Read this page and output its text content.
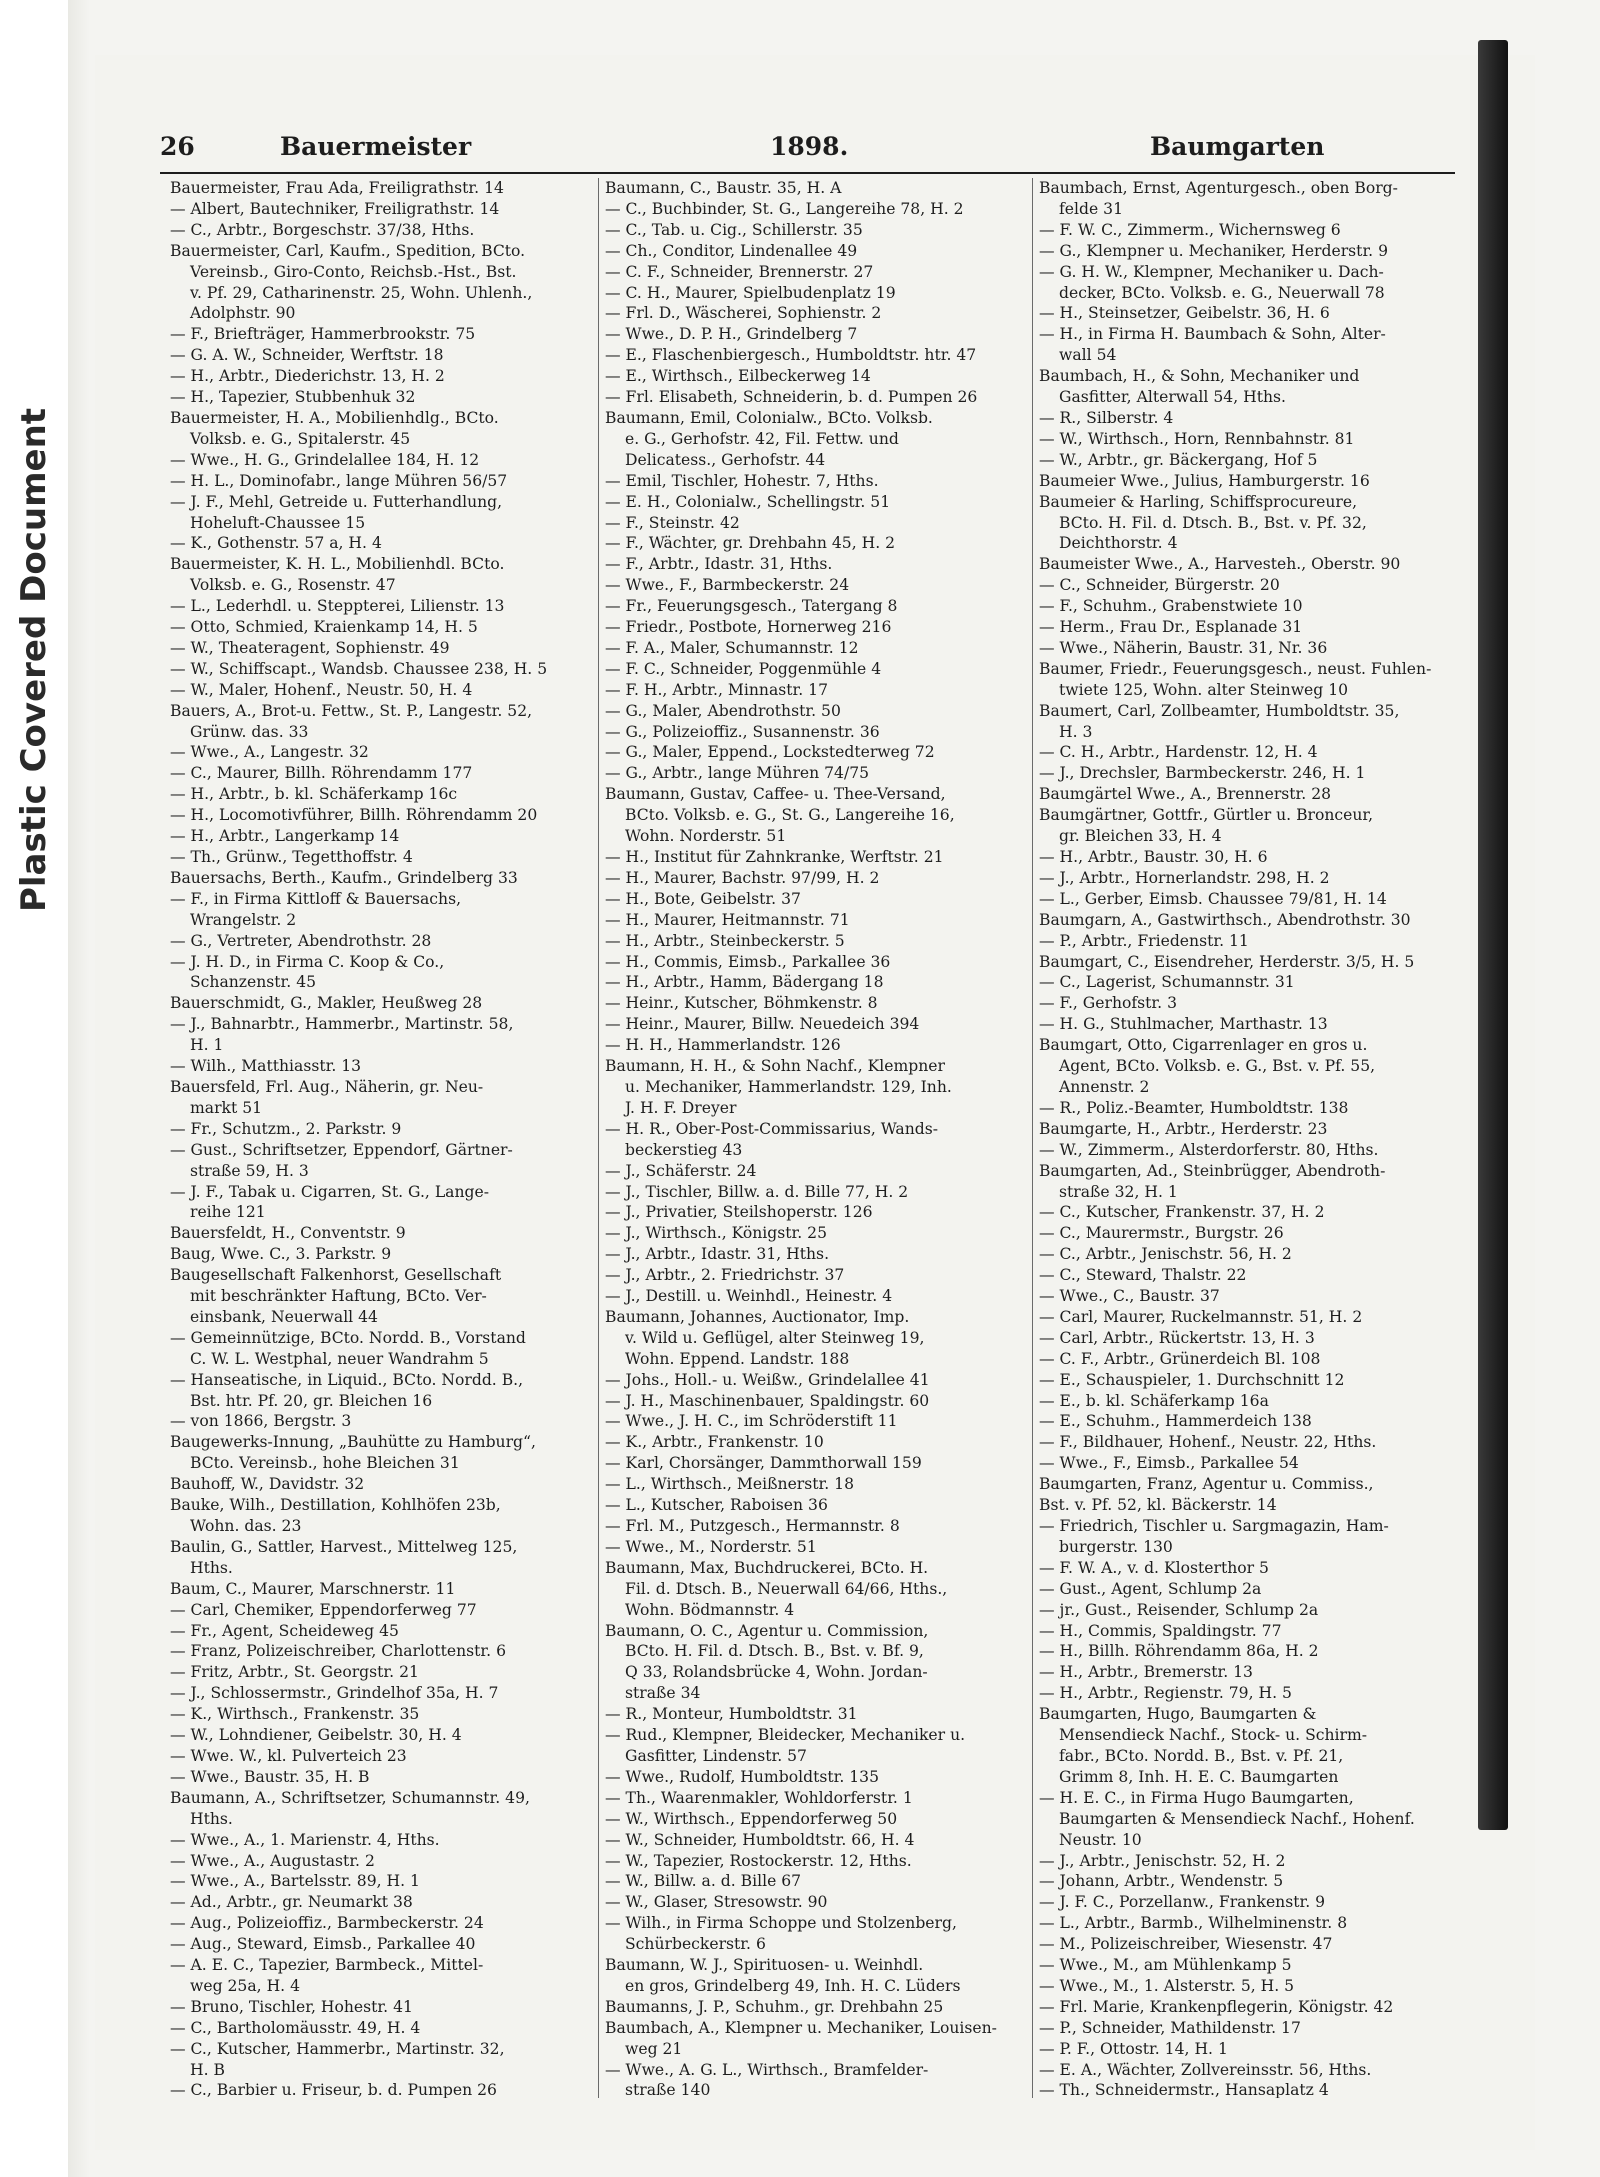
Plastic Covered Document
26	Bauermeister	1898.	Baumgarten
Bauermeister, Frau Ada, Freiligrathstr. 14
— Albert, Bautechniker, Freiligrathstr. 14
— C., Arbtr., Borgeschstr. 37/38, Hths.
Bauermeister, Carl, Kaufm., Spedition, BCto.
Vereinsb., Giro-Conto, Reichsb.-Hst., Bst.
v. Pf. 29, Catharinenstr. 25, Wohn. Uhlenh.,
Adolphstr. 90
— F., Briefträger, Hammerbrookstr. 75
— G. A. W., Schneider, Werftstr. 18
— H., Arbtr., Diederichstr. 13, H. 2
— H., Tapezier, Stubbenhuk 32
Bauermeister, H. A., Mobilienhdlg., BCto.
Volksb. e. G., Spitalerstr. 45
— Wwe., H. G., Grindelallee 184, H. 12
— H. L., Dominofabr., lange Mühren 56/57
— J. F., Mehl, Getreide u. Futterhandlung,
Hoheluft-Chaussee 15
— K., Gothenstr. 57 a, H. 4
Bauermeister, K. H. L., Mobilienhdl. BCto.
Volksb. e. G., Rosenstr. 47
— L., Lederhdl. u. Steppterei, Lilienstr. 13
— Otto, Schmied, Kraienkamp 14, H. 5
— W., Theateragent, Sophienstr. 49
— W., Schiffscapt., Wandsb. Chaussee 238, H. 5
— W., Maler, Hohenf., Neustr. 50, H. 4
Bauers, A., Brot-u. Fettw., St. P., Langestr. 52,
Grünw. das. 33
— Wwe., A., Langestr. 32
— C., Maurer, Billh. Röhrendamm 177
— H., Arbtr., b. kl. Schäferkamp 16c
— H., Locomotivführer, Billh. Röhrendamm 20
— H., Arbtr., Langerkamp 14
— Th., Grünw., Tegetthoffstr. 4
Bauersachs, Berth., Kaufm., Grindelberg 33
— F., in Firma Kittloff & Bauersachs,
Wrangelstr. 2
— G., Vertreter, Abendrothstr. 28
— J. H. D., in Firma C. Koop & Co.,
Schanzenstr. 45
Bauerschmidt, G., Makler, Heußweg 28
— J., Bahnarbtr., Hammerbr., Martinstr. 58,
H. 1
— Wilh., Matthiasstr. 13
Bauersfeld, Frl. Aug., Näherin, gr. Neu-
markt 51
— Fr., Schutzm., 2. Parkstr. 9
— Gust., Schriftsetzer, Eppendorf, Gärtner-
straße 59, H. 3
— J. F., Tabak u. Cigarren, St. G., Lange-
reihe 121
Bauersfeldt, H., Conventstr. 9
Baug, Wwe. C., 3. Parkstr. 9
Baugesellschaft Falkenhorst, Gesellschaft
mit beschränkter Haftung, BCto. Ver-
einsbank, Neuerwall 44
— Gemeinnützige, BCto. Nordd. B., Vorstand
C. W. L. Westphal, neuer Wandrahm 5
— Hanseatische, in Liquid., BCto. Nordd. B.,
Bst. htr. Pf. 20, gr. Bleichen 16
— von 1866, Bergstr. 3
Baugewerks-Innung, „Bauhütte zu Hamburg“,
BCto. Vereinsb., hohe Bleichen 31
Bauhoff, W., Davidstr. 32
Bauke, Wilh., Destillation, Kohlhöfen 23b,
Wohn. das. 23
Baulin, G., Sattler, Harvest., Mittelweg 125,
Hths.
Baum, C., Maurer, Marschnerstr. 11
— Carl, Chemiker, Eppendorferweg 77
— Fr., Agent, Scheideweg 45
— Franz, Polizeischreiber, Charlottenstr. 6
— Fritz, Arbtr., St. Georgstr. 21
— J., Schlossermstr., Grindelhof 35a, H. 7
— K., Wirthsch., Frankenstr. 35
— W., Lohndiener, Geibelstr. 30, H. 4
— Wwe. W., kl. Pulverteich 23
— Wwe., Baustr. 35, H. B
Baumann, A., Schriftsetzer, Schumannstr. 49,
Hths.
— Wwe., A., 1. Marienstr. 4, Hths.
— Wwe., A., Augustastr. 2
— Wwe., A., Bartelsstr. 89, H. 1
— Ad., Arbtr., gr. Neumarkt 38
— Aug., Polizeioffiz., Barmbeckerstr. 24
— Aug., Steward, Eimsb., Parkallee 40
— A. E. C., Tapezier, Barmbeck., Mittel-
weg 25a, H. 4
— Bruno, Tischler, Hohestr. 41
— C., Bartholomäusstr. 49, H. 4
— C., Kutscher, Hammerbr., Martinstr. 32,
H. B
— C., Barbier u. Friseur, b. d. Pumpen 26
Baumann, C., Baustr. 35, H. A
— C., Buchbinder, St. G., Langereihe 78, H. 2
— C., Tab. u. Cig., Schillerstr. 35
— Ch., Conditor, Lindenallee 49
— C. F., Schneider, Brennerstr. 27
— C. H., Maurer, Spielbudenplatz 19
— Frl. D., Wäscherei, Sophienstr. 2
— Wwe., D. P. H., Grindelberg 7
— E., Flaschenbiergesch., Humboldtstr. htr. 47
— E., Wirthsch., Eilbeckerweg 14
— Frl. Elisabeth, Schneiderin, b. d. Pumpen 26
Baumann, Emil, Colonialw., BCto. Volksb.
e. G., Gerhofstr. 42, Fil. Fettw. und
Delicatess., Gerhofstr. 44
— Emil, Tischler, Hohestr. 7, Hths.
— E. H., Colonialw., Schellingstr. 51
— F., Steinstr. 42
— F., Wächter, gr. Drehbahn 45, H. 2
— F., Arbtr., Idastr. 31, Hths.
— Wwe., F., Barmbeckerstr. 24
— Fr., Feuerungsgesch., Tatergang 8
— Friedr., Postbote, Hornerweg 216
— F. A., Maler, Schumannstr. 12
— F. C., Schneider, Poggenmühle 4
— F. H., Arbtr., Minnastr. 17
— G., Maler, Abendrothstr. 50
— G., Polizeioffiz., Susannenstr. 36
— G., Maler, Eppend., Lockstedterweg 72
— G., Arbtr., lange Mühren 74/75
Baumann, Gustav, Caffee- u. Thee-Versand,
BCto. Volksb. e. G., St. G., Langereihe 16,
Wohn. Norderstr. 51
— H., Institut für Zahnkranke, Werftstr. 21
— H., Maurer, Bachstr. 97/99, H. 2
— H., Bote, Geibelstr. 37
— H., Maurer, Heitmannstr. 71
— H., Arbtr., Steinbeckerstr. 5
— H., Commis, Eimsb., Parkallee 36
— H., Arbtr., Hamm, Bädergang 18
— Heinr., Kutscher, Böhmkenstr. 8
— Heinr., Maurer, Billw. Neuedeich 394
— H. H., Hammerlandstr. 126
Baumann, H. H., & Sohn Nachf., Klempner
u. Mechaniker, Hammerlandstr. 129, Inh.
J. H. F. Dreyer
— H. R., Ober-Post-Commissarius, Wands-
beckerstieg 43
— J., Schäferstr. 24
— J., Tischler, Billw. a. d. Bille 77, H. 2
— J., Privatier, Steilshoperstr. 126
— J., Wirthsch., Königstr. 25
— J., Arbtr., Idastr. 31, Hths.
— J., Arbtr., 2. Friedrichstr. 37
— J., Destill. u. Weinhdl., Heinestr. 4
Baumann, Johannes, Auctionator, Imp.
v. Wild u. Geflügel, alter Steinweg 19,
Wohn. Eppend. Landstr. 188
— Johs., Holl.- u. Weißw., Grindelallee 41
— J. H., Maschinenbauer, Spaldingstr. 60
— Wwe., J. H. C., im Schröderstift 11
— K., Arbtr., Frankenstr. 10
— Karl, Chorsänger, Dammthorwall 159
— L., Wirthsch., Meißnerstr. 18
— L., Kutscher, Raboisen 36
— Frl. M., Putzgesch., Hermannstr. 8
— Wwe., M., Norderstr. 51
Baumann, Max, Buchdruckerei, BCto. H.
Fil. d. Dtsch. B., Neuerwall 64/66, Hths.,
Wohn. Bödmannstr. 4
Baumann, O. C., Agentur u. Commission,
BCto. H. Fil. d. Dtsch. B., Bst. v. Bf. 9,
Q 33, Rolandsbrücke 4, Wohn. Jordan-
straße 34
— R., Monteur, Humboldtstr. 31
— Rud., Klempner, Bleidecker, Mechaniker u.
Gasfitter, Lindenstr. 57
— Wwe., Rudolf, Humboldtstr. 135
— Th., Waarenmakler, Wohldorferstr. 1
— W., Wirthsch., Eppendorferweg 50
— W., Schneider, Humboldtstr. 66, H. 4
— W., Tapezier, Rostockerstr. 12, Hths.
— W., Billw. a. d. Bille 67
— W., Glaser, Stresowstr. 90
— Wilh., in Firma Schoppe und Stolzenberg,
Schürbeckerstr. 6
Baumann, W. J., Spirituosen- u. Weinhdl.
en gros, Grindelberg 49, Inh. H. C. Lüders
Baumanns, J. P., Schuhm., gr. Drehbahn 25
Baumbach, A., Klempner u. Mechaniker, Louisen-
weg 21
— Wwe., A. G. L., Wirthsch., Bramfelder-
straße 140
Baumbach, Ernst, Agenturgesch., oben Borg-
felde 31
— F. W. C., Zimmerm., Wichernsweg 6
— G., Klempner u. Mechaniker, Herderstr. 9
— G. H. W., Klempner, Mechaniker u. Dach-
decker, BCto. Volksb. e. G., Neuerwall 78
— H., Steinsetzer, Geibelstr. 36, H. 6
— H., in Firma H. Baumbach & Sohn, Alter-
wall 54
Baumbach, H., & Sohn, Mechaniker und
Gasfitter, Alterwall 54, Hths.
— R., Silberstr. 4
— W., Wirthsch., Horn, Rennbahnstr. 81
— W., Arbtr., gr. Bäckergang, Hof 5
Baumeier Wwe., Julius, Hamburgerstr. 16
Baumeier & Harling, Schiffsprocureure,
BCto. H. Fil. d. Dtsch. B., Bst. v. Pf. 32,
Deichthorstr. 4
Baumeister Wwe., A., Harvesteh., Oberstr. 90
— C., Schneider, Bürgerstr. 20
— F., Schuhm., Grabenstwiete 10
— Herm., Frau Dr., Esplanade 31
— Wwe., Näherin, Baustr. 31, Nr. 36
Baumer, Friedr., Feuerungsgesch., neust. Fuhlen-
twiete 125, Wohn. alter Steinweg 10
Baumert, Carl, Zollbeamter, Humboldtstr. 35,
H. 3
— C. H., Arbtr., Hardenstr. 12, H. 4
— J., Drechsler, Barmbeckerstr. 246, H. 1
Baumgärtel Wwe., A., Brennerstr. 28
Baumgärtner, Gottfr., Gürtler u. Bronceur,
gr. Bleichen 33, H. 4
— H., Arbtr., Baustr. 30, H. 6
— J., Arbtr., Hornerlandstr. 298, H. 2
— L., Gerber, Eimsb. Chaussee 79/81, H. 14
Baumgarn, A., Gastwirthsch., Abendrothstr. 30
— P., Arbtr., Friedenstr. 11
Baumgart, C., Eisendreher, Herderstr. 3/5, H. 5
— C., Lagerist, Schumannstr. 31
— F., Gerhofstr. 3
— H. G., Stuhlmacher, Marthastr. 13
Baumgart, Otto, Cigarrenlager en gros u.
Agent, BCto. Volksb. e. G., Bst. v. Pf. 55,
Annenstr. 2
— R., Poliz.-Beamter, Humboldtstr. 138
Baumgarte, H., Arbtr., Herderstr. 23
— W., Zimmerm., Alsterdorferstr. 80, Hths.
Baumgarten, Ad., Steinbrügger, Abendroth-
straße 32, H. 1
— C., Kutscher, Frankenstr. 37, H. 2
— C., Maurermstr., Burgstr. 26
— C., Arbtr., Jenischstr. 56, H. 2
— C., Steward, Thalstr. 22
— Wwe., C., Baustr. 37
— Carl, Maurer, Ruckelmannstr. 51, H. 2
— Carl, Arbtr., Rückertstr. 13, H. 3
— C. F., Arbtr., Grünerdeich Bl. 108
— E., Schauspieler, 1. Durchschnitt 12
— E., b. kl. Schäferkamp 16a
— E., Schuhm., Hammerdeich 138
— F., Bildhauer, Hohenf., Neustr. 22, Hths.
— Wwe., F., Eimsb., Parkallee 54
Baumgarten, Franz, Agentur u. Commiss.,
Bst. v. Pf. 52, kl. Bäckerstr. 14
— Friedrich, Tischler u. Sargmagazin, Ham-
burgerstr. 130
— F. W. A., v. d. Klosterthor 5
— Gust., Agent, Schlump 2a
— jr., Gust., Reisender, Schlump 2a
— H., Commis, Spaldingstr. 77
— H., Billh. Röhrendamm 86a, H. 2
— H., Arbtr., Bremerstr. 13
— H., Arbtr., Regienstr. 79, H. 5
Baumgarten, Hugo, Baumgarten &
Mensendieck Nachf., Stock- u. Schirm-
fabr., BCto. Nordd. B., Bst. v. Pf. 21,
Grimm 8, Inh. H. E. C. Baumgarten
— H. E. C., in Firma Hugo Baumgarten,
Baumgarten & Mensendieck Nachf., Hohenf.
Neustr. 10
— J., Arbtr., Jenischstr. 52, H. 2
— Johann, Arbtr., Wendenstr. 5
— J. F. C., Porzellanw., Frankenstr. 9
— L., Arbtr., Barmb., Wilhelminenstr. 8
— M., Polizeischreiber, Wiesenstr. 47
— Wwe., M., am Mühlenkamp 5
— Wwe., M., 1. Alsterstr. 5, H. 5
— Frl. Marie, Krankenpflegerin, Königstr. 42
— P., Schneider, Mathildenstr. 17
— P. F., Ottostr. 14, H. 1
— E. A., Wächter, Zollvereinsstr. 56, Hths.
— Th., Schneidermstr., Hansaplatz 4
